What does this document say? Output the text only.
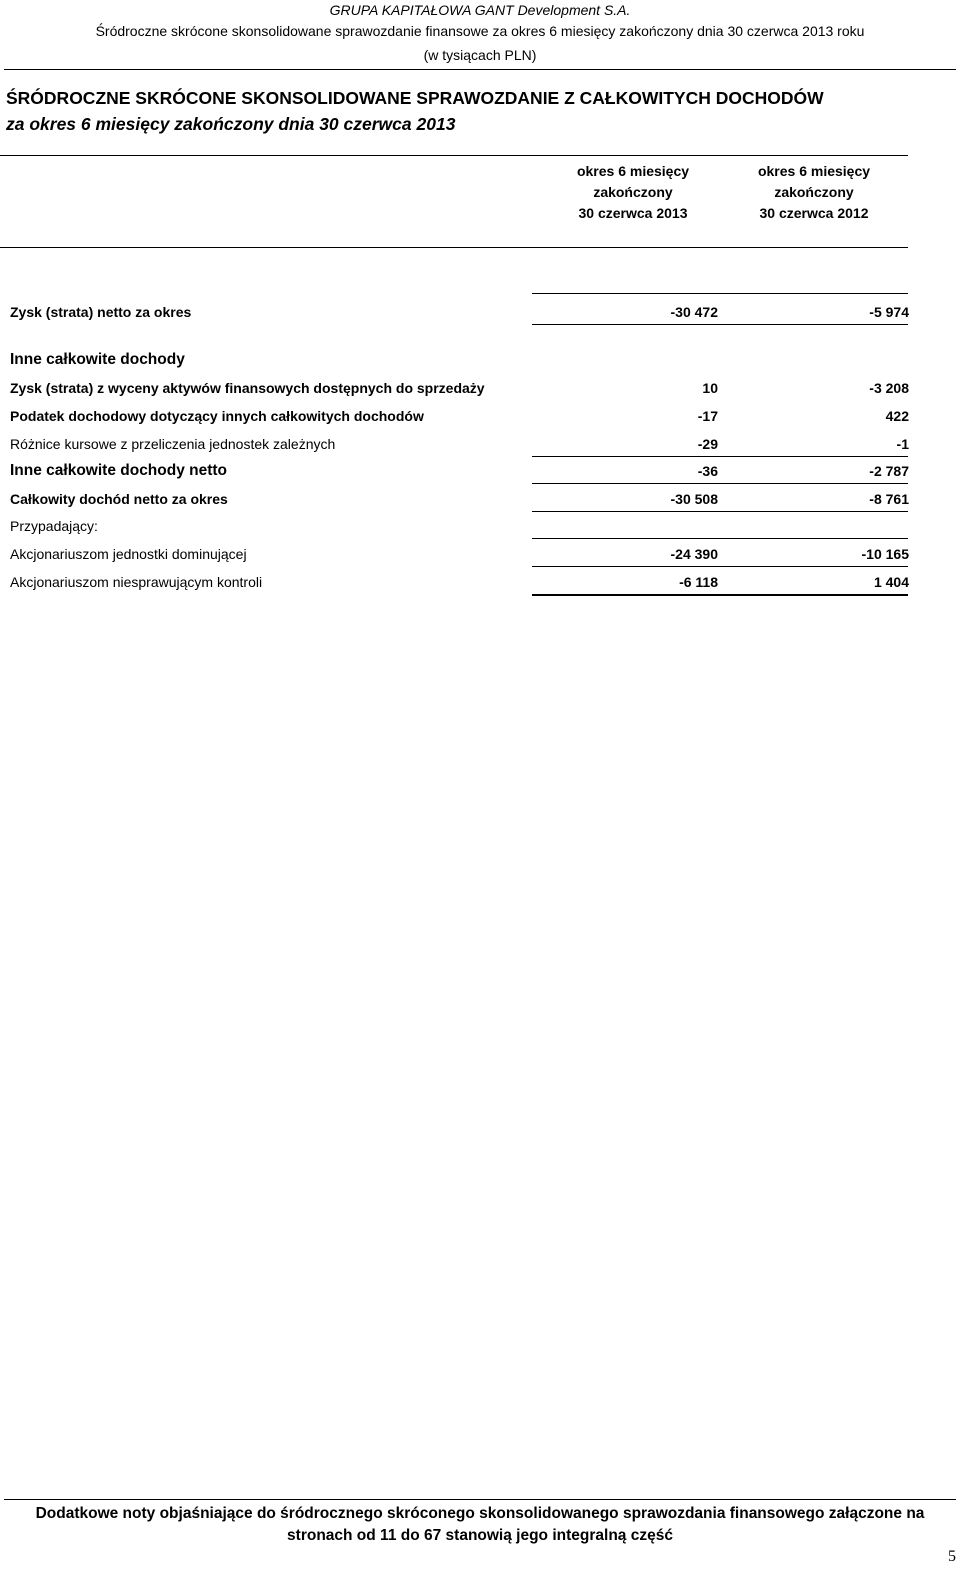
GRUPA KAPITAŁOWA GANT Development S.A.
Śródroczne skrócone skonsolidowane sprawozdanie finansowe za okres 6 miesięcy zakończony dnia 30 czerwca 2013 roku
(w tysiącach PLN)
ŚRÓDROCZNE SKRÓCONE SKONSOLIDOWANE SPRAWOZDANIE Z CAŁKOWITYCH DOCHODÓW
za okres 6 miesięcy zakończony dnia 30 czerwca 2013
okres 6 miesięcy
zakończony
30 czerwca 2013
okres 6 miesięcy
zakończony
30 czerwca 2012
Zysk (strata) netto za okres	-30 472	-5 974
Inne całkowite dochody
Zysk (strata) z wyceny aktywów finansowych dostępnych do sprzedaży	10	-3 208
Podatek dochodowy dotyczący innych całkowitych dochodów	-17	422
Różnice kursowe z przeliczenia jednostek zależnych	-29	-1
Inne całkowite dochody netto	-36	-2 787
Całkowity dochód netto za okres	-30 508	-8 761
Przypadający:
Akcjonariuszom jednostki dominującej	-24 390	-10 165
Akcjonariuszom niesprawującym kontroli	-6 118	1 404
Dodatkowe noty objaśniające do śródrocznego skróconego skonsolidowanego sprawozdania finansowego załączone na
stronach od 11 do 67 stanowią jego integralną część
5
